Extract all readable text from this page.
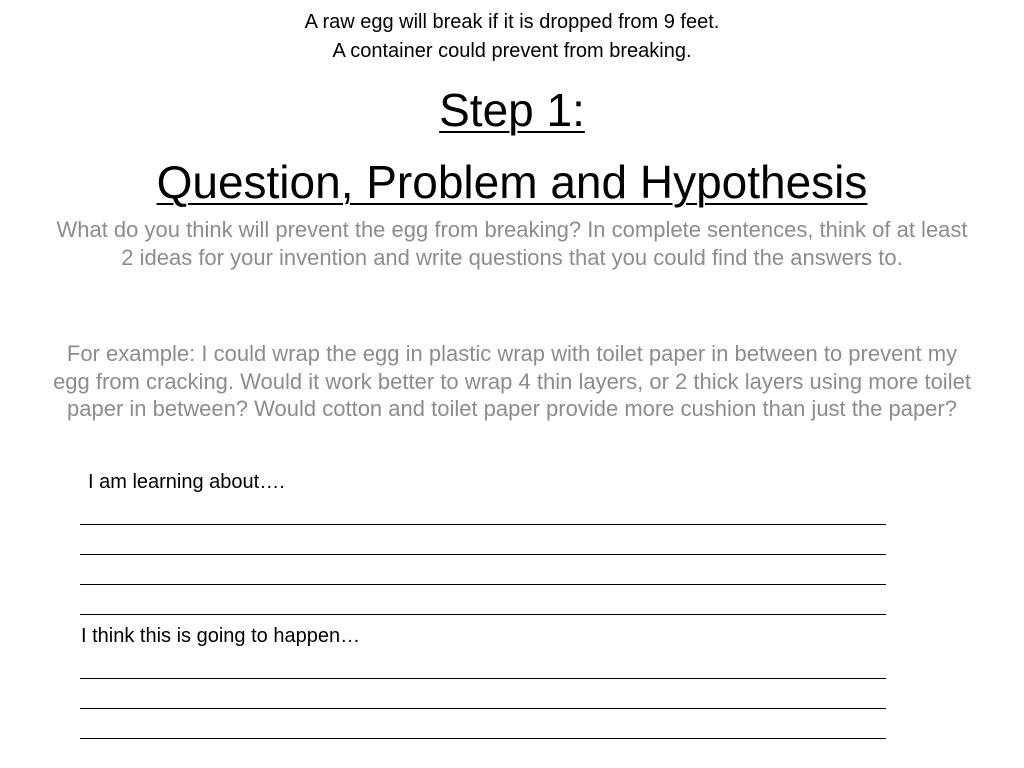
A raw egg will break if it is dropped from 9 feet.
A container could prevent from breaking.
Step 1:
Question, Problem and Hypothesis

What do you think will prevent the egg from breaking? In complete sentences, think of at least 2 ideas for your invention and write questions that you could find the answers to.

For example: I could wrap the egg in plastic wrap with toilet paper in between to prevent my egg from cracking. Would it work better to wrap 4 thin layers, or 2 thick layers using more toilet paper in between? Would cotton and toilet paper provide more cushion than just the paper?

I am learning about….
I think this is going to happen…
